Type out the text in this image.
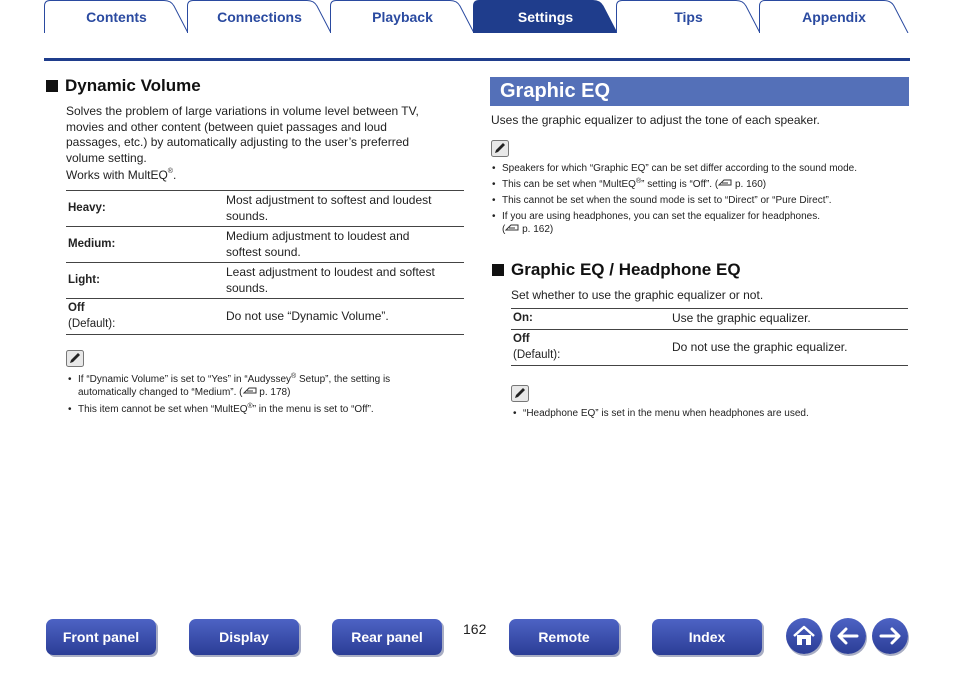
Contents	Connections	Playback	Settings	Tips	Appendix
Dynamic Volume
Solves the problem of large variations in volume level between TV,
movies and other content (between quiet passages and loud
passages, etc.) by automatically adjusting to the user’s preferred
volume setting.
Works with MultEQ®.
Heavy:	Most adjustment to softest and loudest
sounds.

Medium:	Medium adjustment to loudest and
softest sound.

Light:	Least adjustment to loudest and softest
sounds.

Off
(Default):	Do not use “Dynamic Volume”.
• If “Dynamic Volume” is set to “Yes” in “Audyssey® Setup”, the setting is
automatically changed to “Medium”. ( p. 178)
• This item cannot be set when “MultEQ®” in the menu is set to “Off”.
Graphic EQ
Uses the graphic equalizer to adjust the tone of each speaker.
• Speakers for which “Graphic EQ” can be set differ according to the sound mode.
• This can be set when “MultEQ®” setting is “Off”. ( p. 160)
• This cannot be set when the sound mode is set to “Direct” or “Pure Direct”.
• If you are using headphones, you can set the equalizer for headphones.
( p. 162)
Graphic EQ / Headphone EQ
Set whether to use the graphic equalizer or not.
On:	Use the graphic equalizer.

Off
(Default):	Do not use the graphic equalizer.
• “Headphone EQ” is set in the menu when headphones are used.
Front panel	Display	Rear panel	162	Remote	Index
